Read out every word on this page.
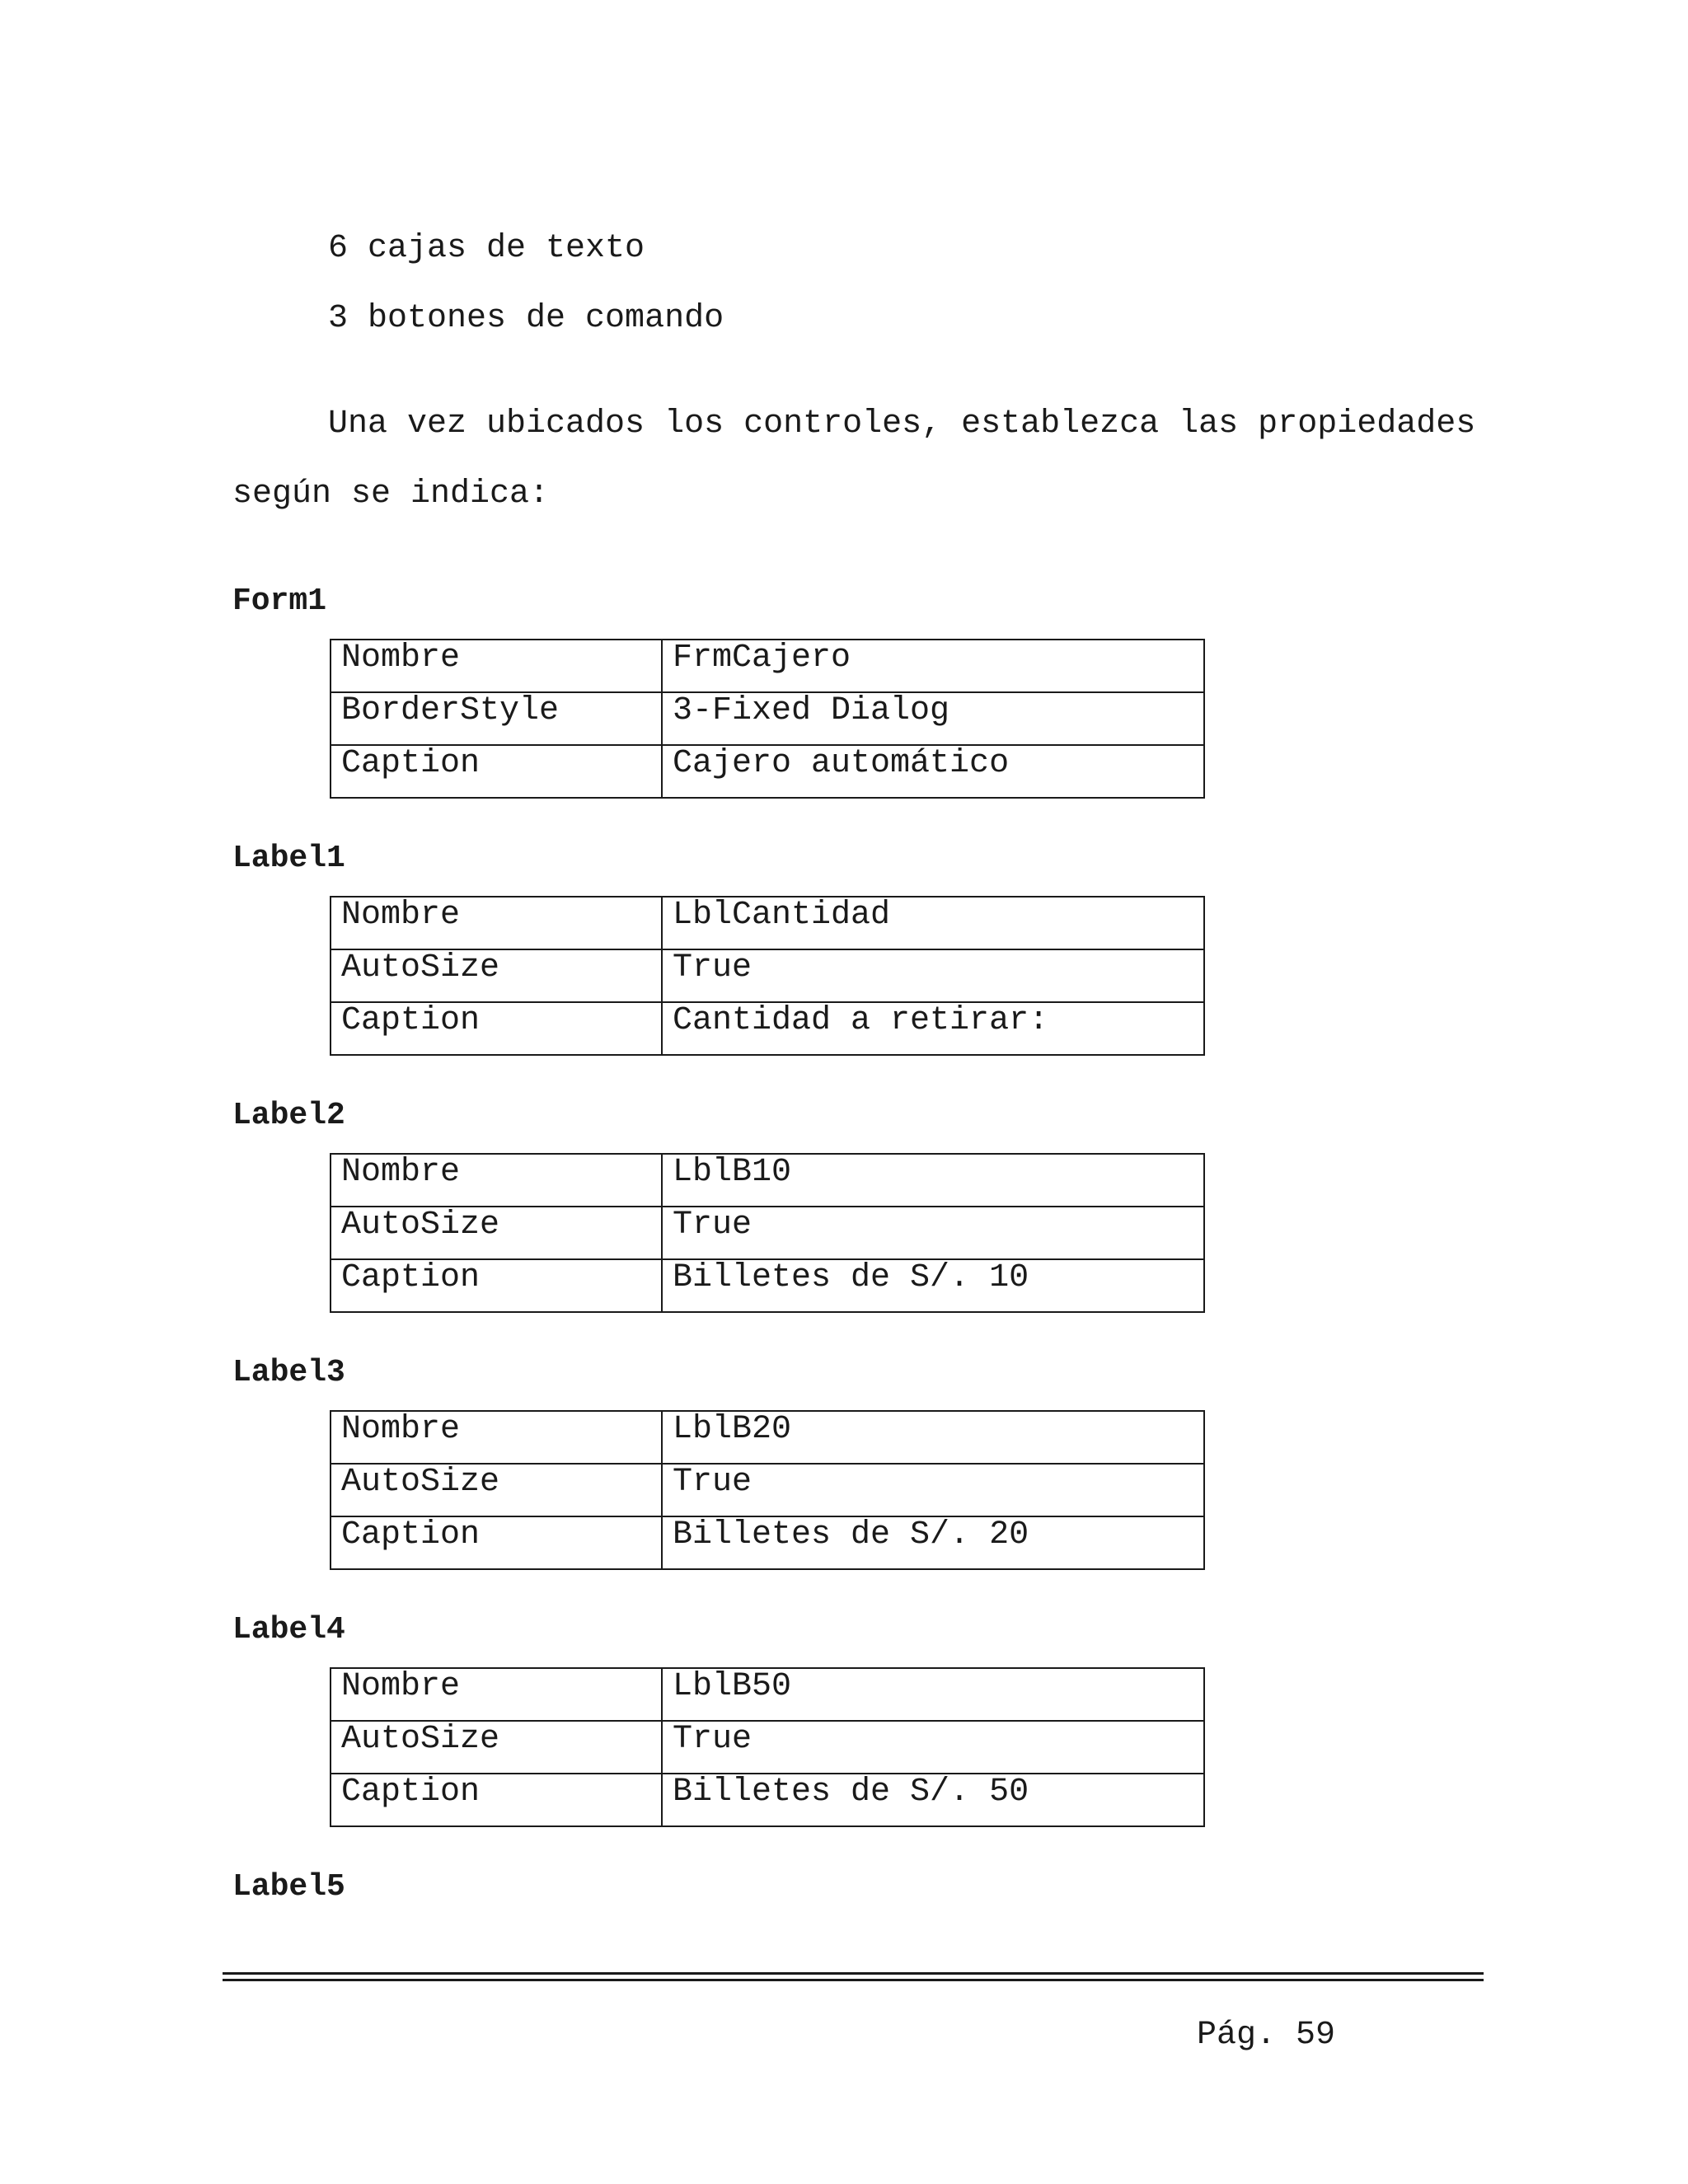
6 cajas de texto

3 botones de comando

Una vez ubicados los controles, establezca las propiedades

según se indica:

Form1

Nombre	FrmCajero

BorderStyle	3-Fixed Dialog

Caption	Cajero automático

Label1

Nombre	LblCantidad

AutoSize	True

Caption	Cantidad a retirar:

Label2

Nombre	LblB10

AutoSize	True

Caption	Billetes de S/. 10

Label3

Nombre	LblB20

AutoSize	True

Caption	Billetes de S/. 20

Label4

Nombre	LblB50

AutoSize	True

Caption	Billetes de S/. 50

Label5

Pág. 59
